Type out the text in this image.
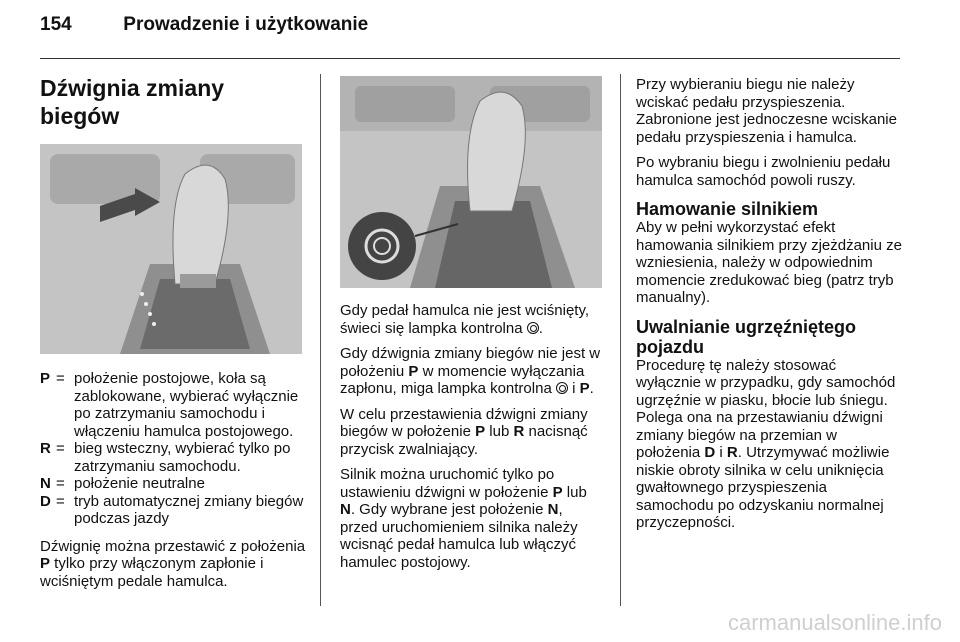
154	Prowadzenie i użytkowanie
Dźwignia zmiany biegów
P	=	położenie postojowe, koła są zablokowane, wybierać wyłącznie po zatrzymaniu samochodu i włączeniu hamulca postojowego.
R	=	bieg wsteczny, wybierać tylko po zatrzymaniu samochodu.
N	=	położenie neutralne
D	=	tryb automatycznej zmiany biegów podczas jazdy

Dźwignię można przestawić z położenia P tylko przy włączonym zapłonie i wciśniętym pedale hamulca.

Gdy pedał hamulca nie jest wciśnięty, świeci się lampka kontrolna .

Gdy dźwignia zmiany biegów nie jest w położeniu P w momencie wyłączania zapłonu, miga lampka kontrolna  i P.

W celu przestawienia dźwigni zmiany biegów w położenie P lub R nacisnąć przycisk zwalniający.

Silnik można uruchomić tylko po ustawieniu dźwigni w położenie P lub N. Gdy wybrane jest położenie N, przed uruchomieniem silnika należy wcisnąć pedał hamulca lub włączyć hamulec postojowy.

Przy wybieraniu biegu nie należy wciskać pedału przyspieszenia. Zabronione jest jednoczesne wciskanie pedału przyspieszenia i hamulca.

Po wybraniu biegu i zwolnieniu pedału hamulca samochód powoli ruszy.

Hamowanie silnikiem

Aby w pełni wykorzystać efekt hamowania silnikiem przy zjeżdżaniu ze wzniesienia, należy w odpowiednim momencie zredukować bieg (patrz tryb manualny).

Uwalnianie ugrzęźniętego pojazdu

Procedurę tę należy stosować wyłącznie w przypadku, gdy samochód ugrzęźnie w piasku, błocie lub śniegu. Polega ona na przestawianiu dźwigni zmiany biegów na przemian w położenia D i R. Utrzymywać możliwie niskie obroty silnika w celu uniknięcia gwałtownego przyspieszenia samochodu po odzyskaniu normalnej przyczepności.

carmanualsonline.info
